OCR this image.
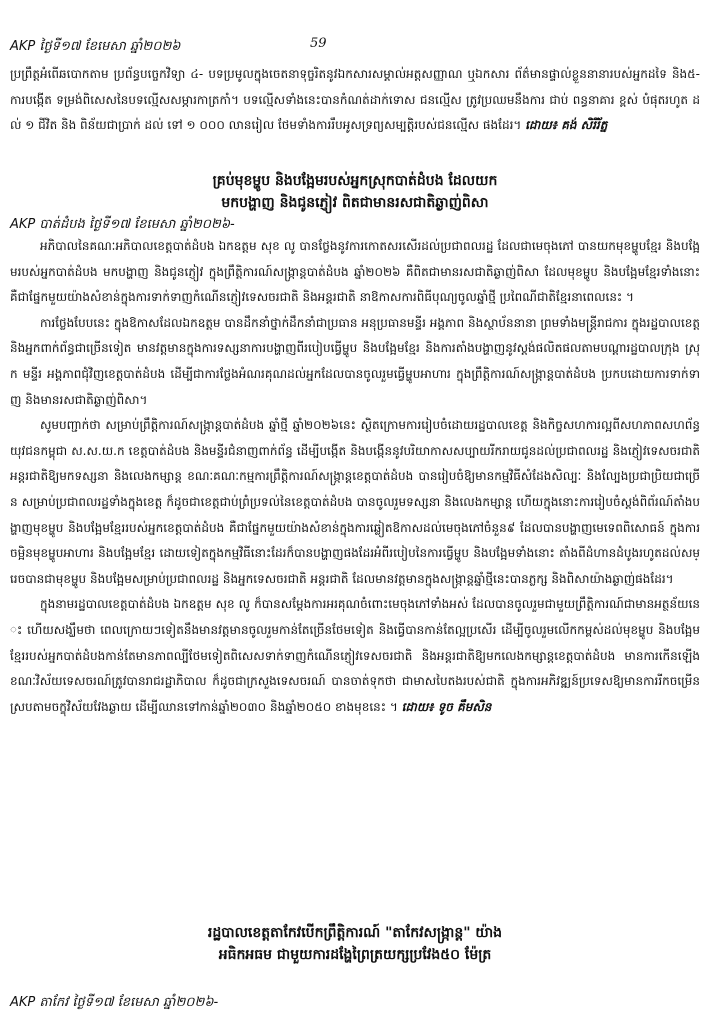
AKP ថ្ងៃទី១៧ ខែមេសា ឆ្នាំ២០២៦	59

ប្រព្រឹត្តអំពើឆបោកតាម ប្រព័ន្ធបច្ចេកវិទ្យា ៤- បទប្រមូលក្នុងចេតនាទុច្ចរិតនូវឯកសារសម្គាល់អត្តសញ្ញាណ ឬឯកសារ ព័ត៌មានផ្ទាល់ខ្លួននានារបស់អ្នកដទៃ និង៥- ការបង្កើត ទម្រង់ពិសេសនៃបទល្មើសសម្ភារកាត្រកាំ។ បទល្មើសទាំងនេះបានកំណត់ដាក់ទោស ជនល្មើស ត្រូវប្រឈមនឹងការ ជាប់ ពន្ធនាគារ ខ្ពស់ បំផុតរហូត ដល់ ១ ជីវិត និង ពិន័យជាប្រាក់ ដល់ ទៅ ១ ០០០ លានរៀល ថែមទាំងការរឹបអូសទ្រព្យសម្បត្តិរបស់ជនល្មើស ផងដែរ។ ដោយ៖ គង់ សិរីរ័ត្ន

គ្រប់មុខម្ហូប និងបង្អែមរបស់អ្នកស្រុកបាត់ដំបង ដែលយក
មកបង្ហាញ និងជូនភ្ញៀវ ពិតជាមានរសជាតិឆ្ងាញ់ពិសា

AKP បាត់ដំបង ថ្ងៃទី១៧ ខែមេសា ឆ្នាំ២០២៦-

អភិបាលនៃគណៈអភិបាលខេត្តបាត់ដំបង ឯកឧត្តម សុខ លូ បានថ្លែងនូវការកោតសរសើរដល់ប្រជាពលរដ្ឋ ដែលជាមេចុងភៅ បានយកមុខម្ហូបខ្មែរ និងបង្អែមរបស់អ្នកបាត់ដំបង មកបង្ហាញ និងជូនភ្ញៀវ ក្នុងព្រឹត្តិការណ៍សង្ក្រាន្តបាត់ដំបង ឆ្នាំ២០២៦ គឺពិតជាមានរសជាតិឆ្ងាញ់ពិសា ដែលមុខម្ហូប និងបង្អែមខ្មែរទាំងនោះ គឺជាផ្នែកមួយយ៉ាងសំខាន់ក្នុងការទាក់ទាញកំណើនភ្ញៀវទេសចរជាតិ និងអន្តរជាតិ នាឱកាសការពិធីបុណ្យចូលឆ្នាំថ្មី ប្រពៃណីជាតិខ្មែរនាពេលនេះ ។

ការថ្លែងបែបនេះ ក្នុងឱកាសដែលឯកឧត្តម បានដឹកនាំថ្នាក់ដឹកនាំជាប្រធាន អនុប្រធានមន្ទីរ អង្គភាព និងស្ថាប័ននានា ព្រមទាំងមន្ត្រីរាជការ ក្នុងរដ្ឋបាលខេត្ត និងអ្នកពាក់ព័ន្ធជាច្រើនទៀត មានវត្តមានក្នុងការទស្សនាការបង្ហាញពីរបៀបធ្វើម្ហូប និងបង្អែមខ្មែរ និងការតាំងបង្ហាញនូវស្តង់ផលិតផលតាមបណ្តារដ្ឋបាលក្រុង ស្រុក មន្ទីរ អង្គភាពជុំវិញខេត្តបាត់ដំបង ដើម្បីជាការថ្លែងអំណរគុណដល់អ្នកដែលបានចូលរួមធ្វើម្ហូបអាហារ ក្នុងព្រឹត្តិការណ៍សង្ក្រាន្តបាត់ដំបង ប្រកបដោយការទាក់ទាញ និងមានរសជាតិឆ្ងាញ់ពិសា។

សូមបញ្ជាក់ថា សម្រាប់ព្រឹត្តិការណ៍សង្ក្រាន្តបាត់ដំបង ឆ្នាំថ្មី ឆ្នាំ២០២៦នេះ ស្ថិតក្រោមការរៀបចំដោយរដ្ឋបាលខេត្ត និងកិច្ចសហការល្អពីសហភាពសហព័ន្ធយុវជនកម្ពុជា ស.ស.យ.ក ខេត្តបាត់ដំបង និងមន្ទីរជំនាញពាក់ព័ន្ធ ដើម្បីបង្កើត និងបង្កើននូវបរិយាកាសសប្បាយរីករាយជូនដល់ប្រជាពលរដ្ឋ និងភ្ញៀវទេសចរជាតិ អន្តរជាតិឱ្យមកទស្សនា និងលេងកម្សាន្ត ខណៈគណៈកម្មការព្រឹត្តិការណ៍សង្ក្រាន្តខេត្តបាត់ដំបង បានរៀបចំឱ្យមានកម្មវិធីសំដែងសិល្បៈ និងល្បែងប្រជាប្រិយជាច្រើន សម្រាប់ប្រជាពលរដ្ឋទាំងក្នុងខេត្ត ក៏ដូចជាខេត្តជាប់ព្រំប្រទល់នៃខេត្តបាត់ដំបង បានចូលរួមទស្សនា និងលេងកម្សាន្ត ហើយក្នុងនោះការរៀបចំស្តង់ពិព័រណ៍តាំងបង្ហាញមុខម្ហូប និងបង្អែមខ្មែររបស់អ្នកខេត្តបាត់ដំបង គឺជាផ្នែកមួយយ៉ាងសំខាន់ក្នុងការឆ្លៀតឱកាសដល់មេចុងភៅចំនួន៩ ដែលបានបង្ហាញមេទេពពិសោធន៍ ក្នុងការចម្អិនមុខម្ហូបអាហារ និងបង្អែមខ្មែរ ដោយទៀតក្នុងកម្មវិធីនោះដែរក៏បានបង្ហាញផងដែរអំពីរបៀបនៃការធ្វើម្ហូប និងបង្អែមទាំងនោះ តាំងពីដំហានដំបូងរហូតដល់សម្រេចបានជាមុខម្ហូប និងបង្អែមសម្រាប់ប្រជាពលរដ្ឋ និងអ្នកទេសចរជាតិ អន្តរជាតិ ដែលមានវត្តមានក្នុងសង្ក្រាន្តឆ្នាំថ្មីនេះបានភ្លក្ស និងពិសាយ៉ាងឆ្ងាញ់ផងដែរ។

ក្នុងនាមរដ្ឋបាលខេត្តបាត់ដំបង ឯកឧត្តម សុខ លូ ក៏បានសម្តែងការអរគុណចំពោះមេចុងភៅទាំងអស់ ដែលបានចូលរួមជាមួយព្រឹត្តិការណ៍ជាមានអត្ថន័យនេះ ហើយសង្ឃឹមថា ពេលក្រោយៗទៀតនឹងមានវត្តមានចូលរួមកាន់តែច្រើនថែមទៀត និងធ្វើបានកាន់តែល្អប្រសើរ ដើម្បីចូលរួមលើកកម្ពស់ដល់មុខម្ហូប និងបង្អែមខ្មែររបស់អ្នកបាត់ដំបងកាន់តែមានភាពល្បីថែមទៀតពិសេសទាក់ទាញកំណើនភ្ញៀវទេសចរជាតិ និងអន្តរជាតិឱ្យមកលេងកម្សាន្តខេត្តបាត់ដំបង មានការកើនឡើង ខណៈវិស័យទេសចរណ៍ត្រូវបានរាជរដ្ឋាភិបាល ក៏ដូចជាក្រសួងទេសចរណ៍ បានចាត់ទុកថា ជាមាសបៃតងរបស់ជាតិ ក្នុងការអភិវឌ្ឍន៍ប្រទេសឱ្យមានការរីកចម្រើន ស្របតាមចក្ខុវិស័យវែងឆ្ងាយ ដើម្បីឈានទៅកាន់ឆ្នាំ២០៣០ និងឆ្នាំ២០៥០ ខាងមុខនេះ ។ ដោយ៖ ទូច គឹមសិន

រដ្ឋបាលខេត្តតាកែវបើកព្រឹត្តិការណ៍ "តាកែវសង្ក្រាន្ត" យ៉ាង
អធិកអធម ជាមួយការដង្ហែព្រៃត្រយក្សប្រវែង៥០ ម៉ែត្រ

AKP តាកែវ ថ្ងៃទី១៧ ខែមេសា ឆ្នាំ២០២៦-
